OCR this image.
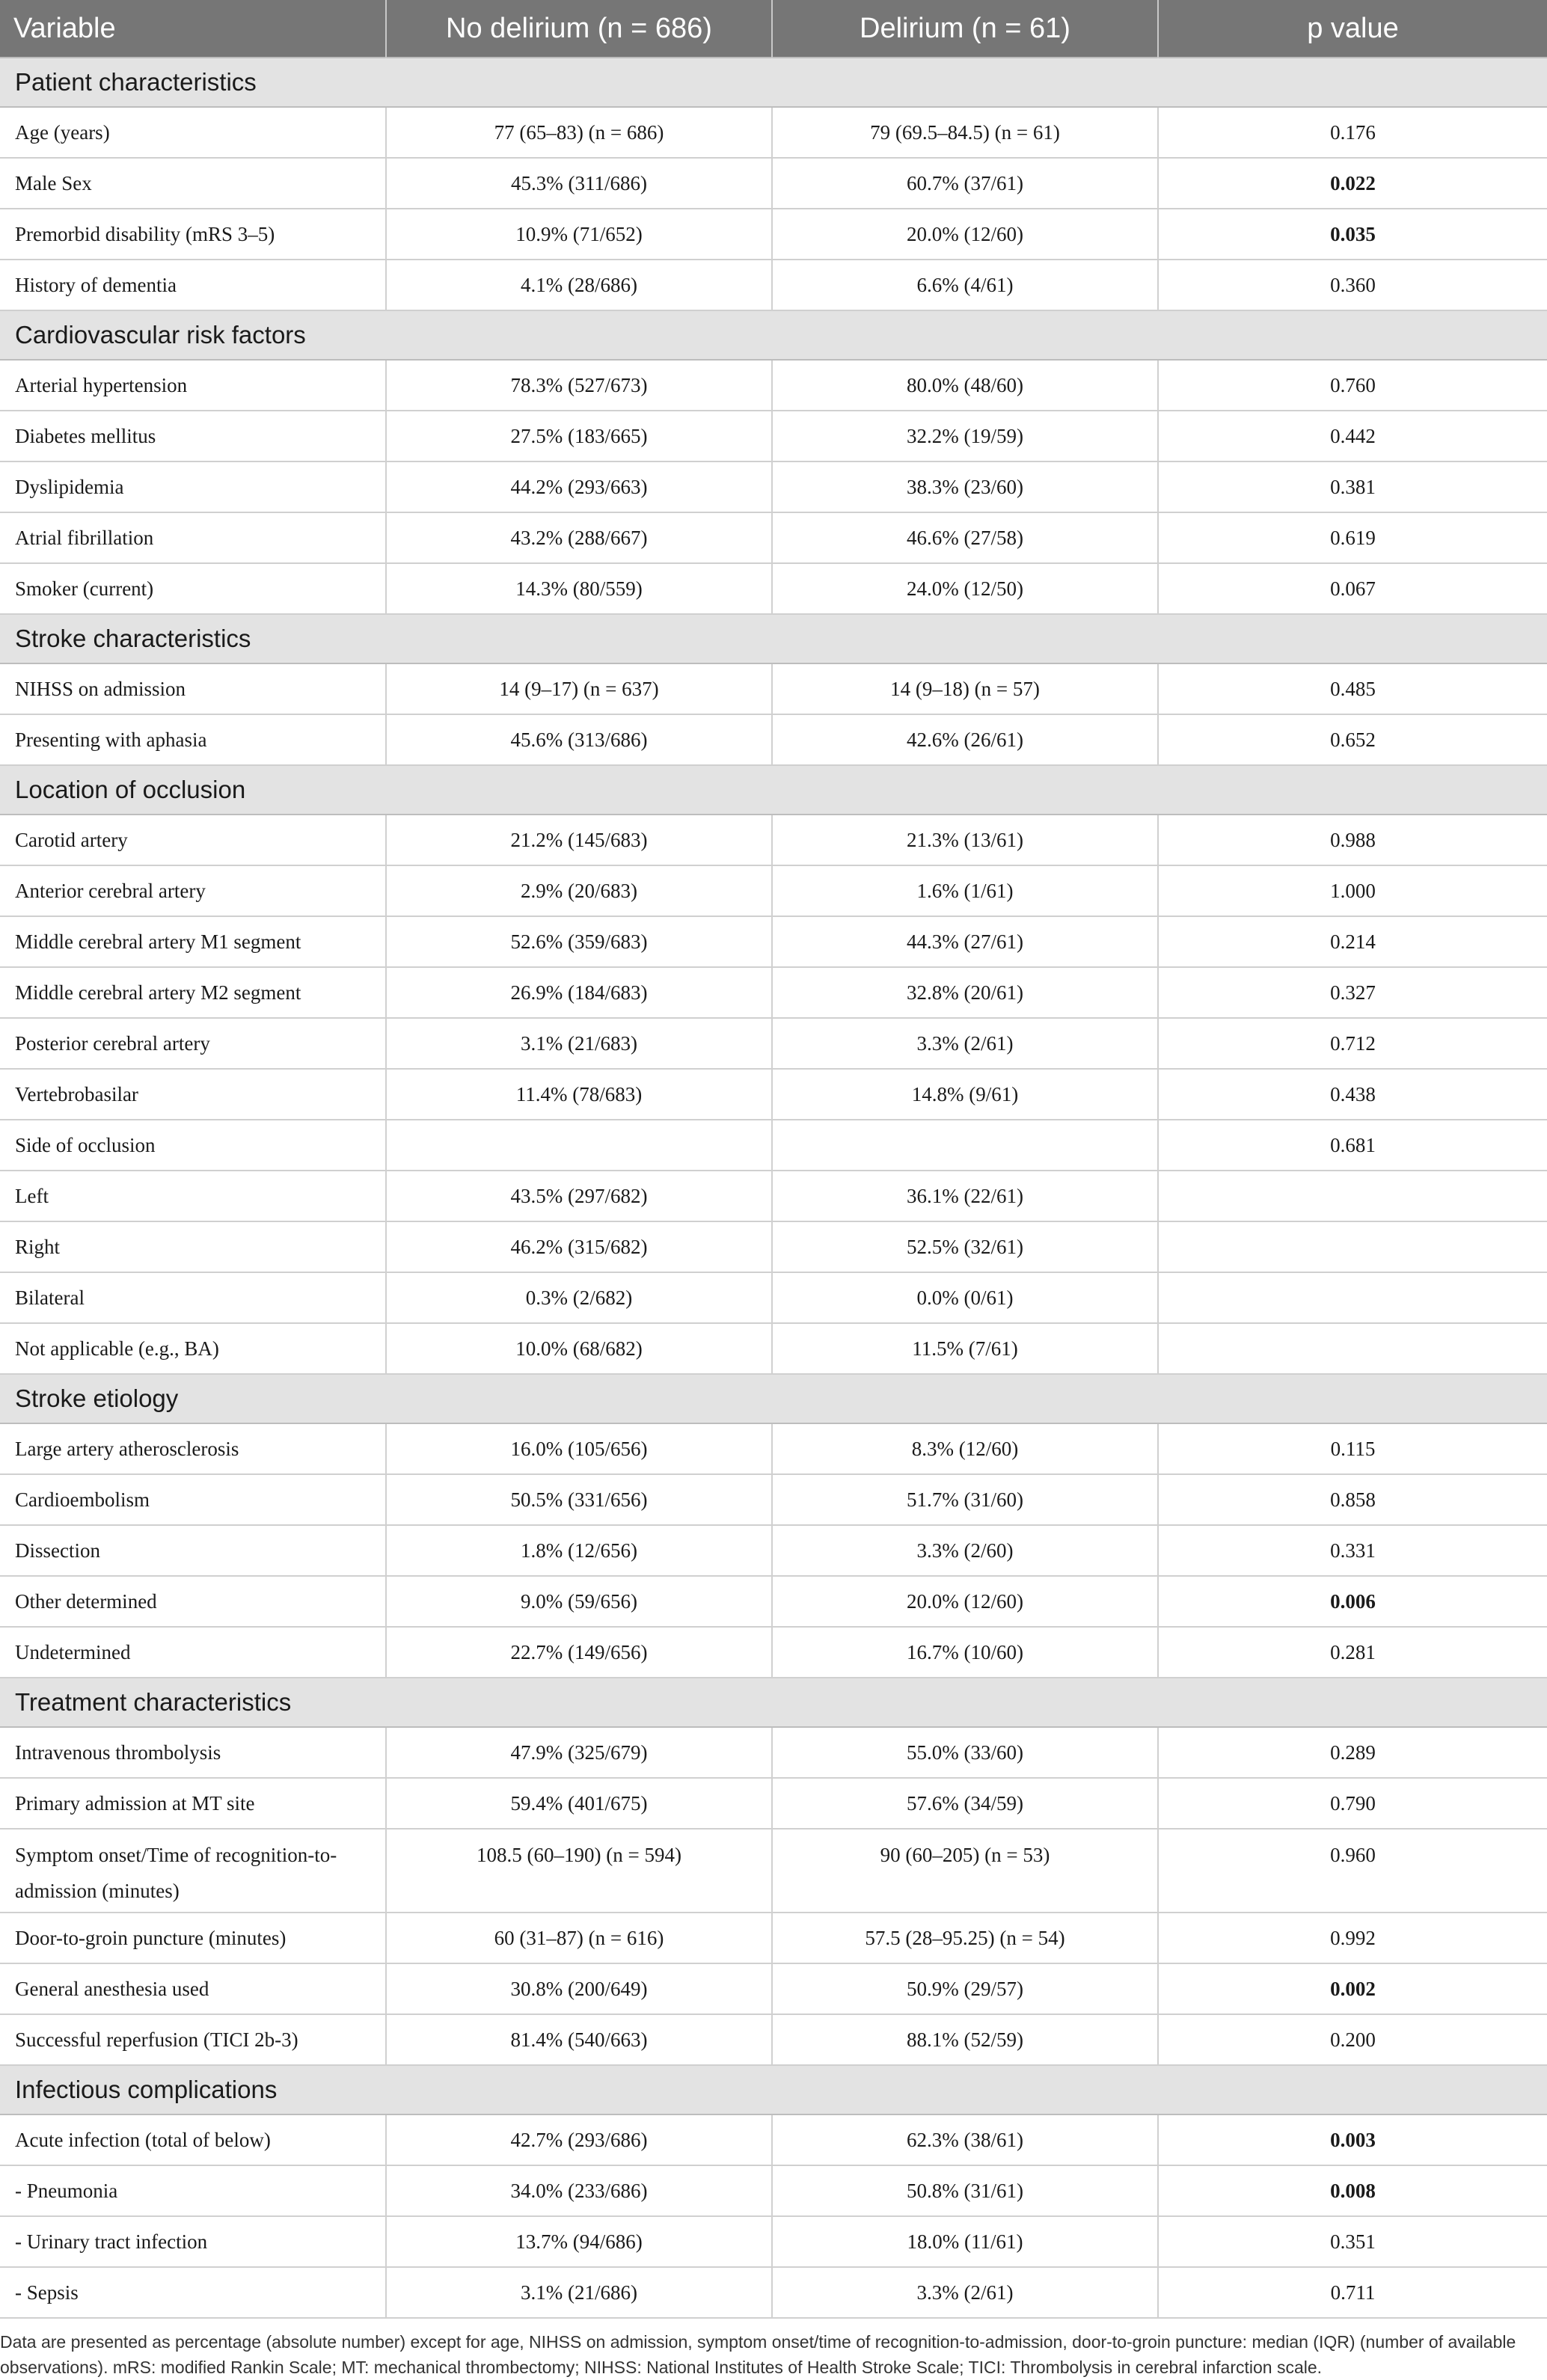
Variable	No delirium (n = 686)	Delirium (n = 61)	p value
Patient characteristics			
Age (years)	77 (65–83) (n = 686)	79 (69.5–84.5) (n = 61)	0.176
Male Sex	45.3% (311/686)	60.7% (37/61)	0.022
Premorbid disability (mRS 3–5)	10.9% (71/652)	20.0% (12/60)	0.035
History of dementia	4.1% (28/686)	6.6% (4/61)	0.360
Cardiovascular risk factors			
Arterial hypertension	78.3% (527/673)	80.0% (48/60)	0.760
Diabetes mellitus	27.5% (183/665)	32.2% (19/59)	0.442
Dyslipidemia	44.2% (293/663)	38.3% (23/60)	0.381
Atrial fibrillation	43.2% (288/667)	46.6% (27/58)	0.619
Smoker (current)	14.3% (80/559)	24.0% (12/50)	0.067
Stroke characteristics			
NIHSS on admission	14 (9–17) (n = 637)	14 (9–18) (n = 57)	0.485
Presenting with aphasia	45.6% (313/686)	42.6% (26/61)	0.652
Location of occlusion			
Carotid artery	21.2% (145/683)	21.3% (13/61)	0.988
Anterior cerebral artery	2.9% (20/683)	1.6% (1/61)	1.000
Middle cerebral artery M1 segment	52.6% (359/683)	44.3% (27/61)	0.214
Middle cerebral artery M2 segment	26.9% (184/683)	32.8% (20/61)	0.327
Posterior cerebral artery	3.1% (21/683)	3.3% (2/61)	0.712
Vertebrobasilar	11.4% (78/683)	14.8% (9/61)	0.438
Side of occlusion			0.681
Left	43.5% (297/682)	36.1% (22/61)	
Right	46.2% (315/682)	52.5% (32/61)	
Bilateral	0.3% (2/682)	0.0% (0/61)	
Not applicable (e.g., BA)	10.0% (68/682)	11.5% (7/61)	
Stroke etiology			
Large artery atherosclerosis	16.0% (105/656)	8.3% (12/60)	0.115
Cardioembolism	50.5% (331/656)	51.7% (31/60)	0.858
Dissection	1.8% (12/656)	3.3% (2/60)	0.331
Other determined	9.0% (59/656)	20.0% (12/60)	0.006
Undetermined	22.7% (149/656)	16.7% (10/60)	0.281
Treatment characteristics			
Intravenous thrombolysis	47.9% (325/679)	55.0% (33/60)	0.289
Primary admission at MT site	59.4% (401/675)	57.6% (34/59)	0.790
Symptom onset/Time of recognition-to-admission (minutes)	108.5 (60–190) (n = 594)	90 (60–205) (n = 53)	0.960
Door-to-groin puncture (minutes)	60 (31–87) (n = 616)	57.5 (28–95.25) (n = 54)	0.992
General anesthesia used	30.8% (200/649)	50.9% (29/57)	0.002
Successful reperfusion (TICI 2b-3)	81.4% (540/663)	88.1% (52/59)	0.200
Infectious complications			
Acute infection (total of below)	42.7% (293/686)	62.3% (38/61)	0.003
- Pneumonia	34.0% (233/686)	50.8% (31/61)	0.008
- Urinary tract infection	13.7% (94/686)	18.0% (11/61)	0.351
- Sepsis	3.1% (21/686)	3.3% (2/61)	0.711
Data are presented as percentage (absolute number) except for age, NIHSS on admission, symptom onset/time of recognition-to-admission, door-to-groin puncture: median (IQR) (number of available observations). mRS: modified Rankin Scale; MT: mechanical thrombectomy; NIHSS: National Institutes of Health Stroke Scale; TICI: Thrombolysis in cerebral infarction scale.
